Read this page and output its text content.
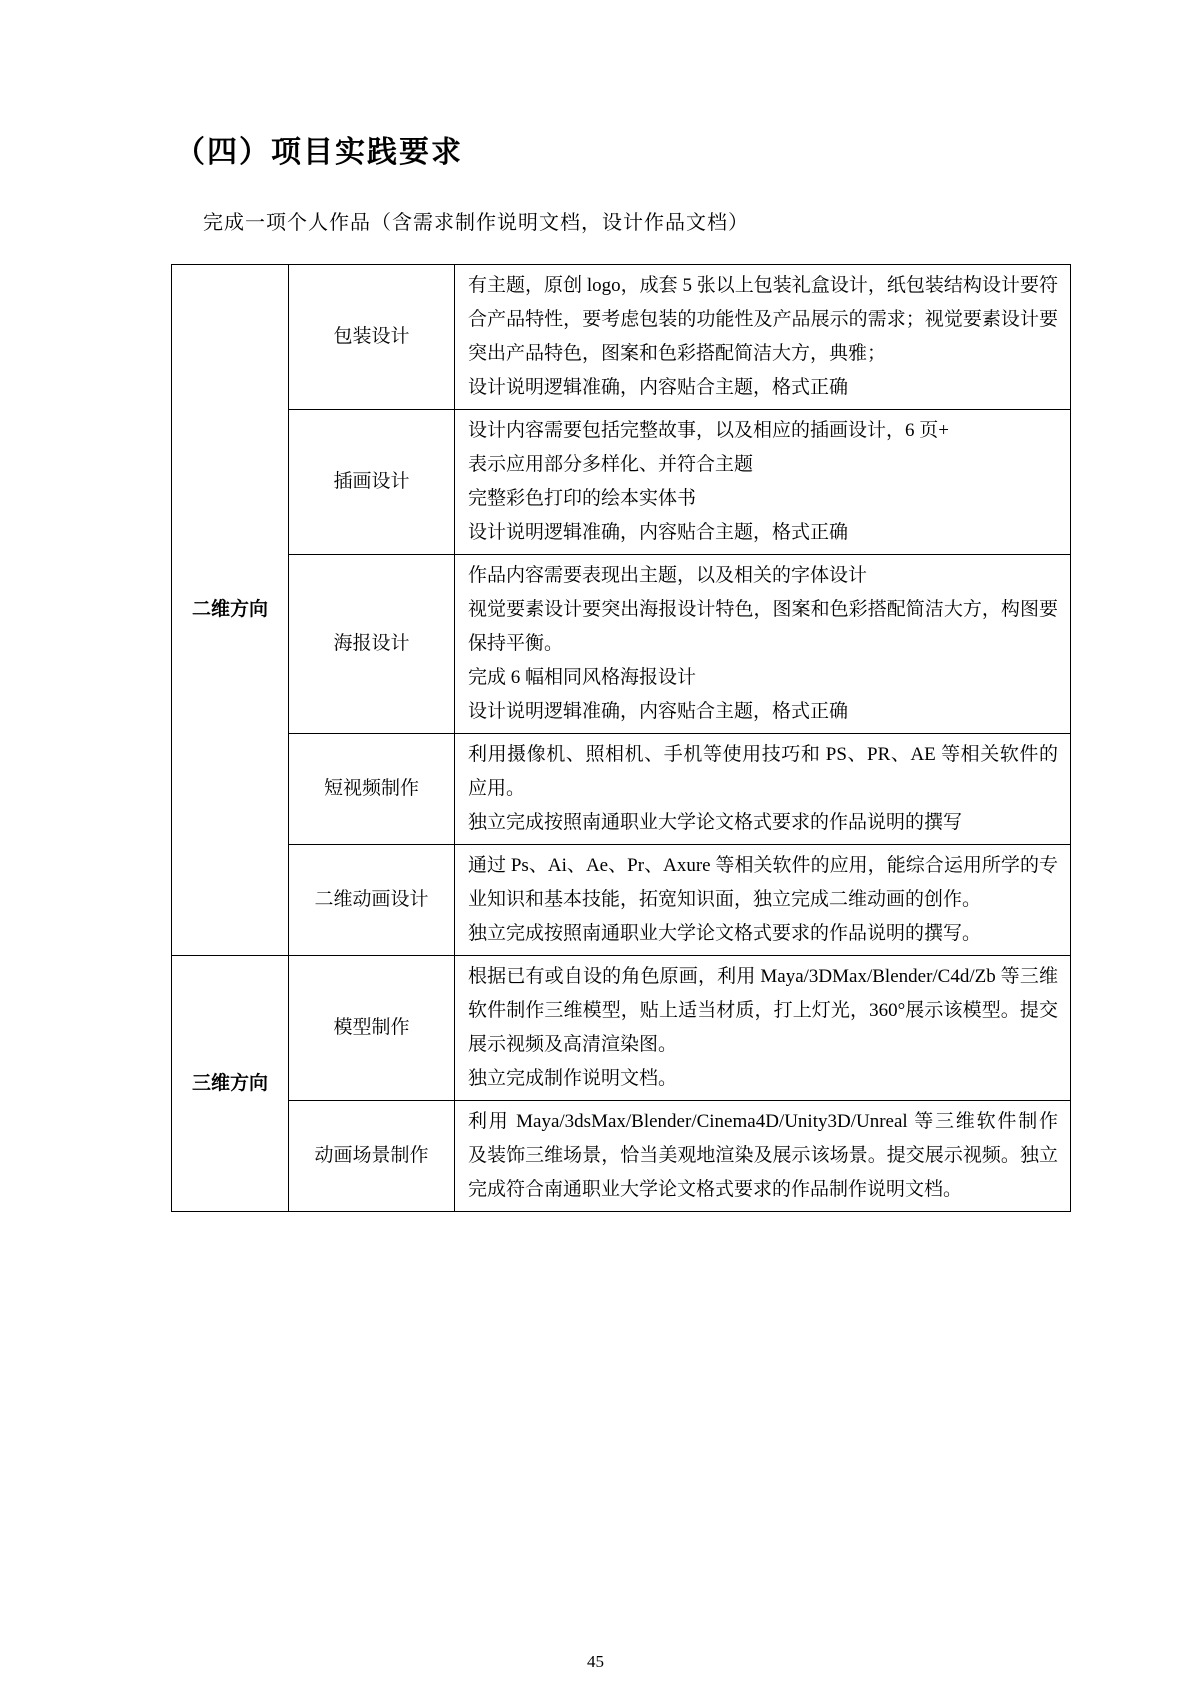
（四）项目实践要求

完成一项个人作品（含需求制作说明文档，设计作品文档）

二维方向	包装设计	有主题，原创 logo，成套 5 张以上包装礼盒设计，纸包装结构设计要符合产品特性，要考虑包装的功能性及产品展示的需求；视觉要素设计要突出产品特色，图案和色彩搭配简洁大方，典雅；
设计说明逻辑准确，内容贴合主题，格式正确

	插画设计	设计内容需要包括完整故事，以及相应的插画设计，6 页+
表示应用部分多样化、并符合主题
完整彩色打印的绘本实体书
设计说明逻辑准确，内容贴合主题，格式正确

	海报设计	作品内容需要表现出主题，以及相关的字体设计
视觉要素设计要突出海报设计特色，图案和色彩搭配简洁大方，构图要保持平衡。
完成 6 幅相同风格海报设计
设计说明逻辑准确，内容贴合主题，格式正确

	短视频制作	利用摄像机、照相机、手机等使用技巧和 PS、PR、AE 等相关软件的应用。
独立完成按照南通职业大学论文格式要求的作品说明的撰写

	二维动画设计	通过 Ps、Ai、Ae、Pr、Axure 等相关软件的应用，能综合运用所学的专业知识和基本技能，拓宽知识面，独立完成二维动画的创作。
独立完成按照南通职业大学论文格式要求的作品说明的撰写。

三维方向	模型制作	根据已有或自设的角色原画，利用 Maya/3DMax/Blender/C4d/Zb 等三维软件制作三维模型，贴上适当材质，打上灯光，360°展示该模型。提交展示视频及高清渲染图。
独立完成制作说明文档。

	动画场景制作	利用 Maya/3dsMax/Blender/Cinema4D/Unity3D/Unreal 等三维软件制作及装饰三维场景，恰当美观地渲染及展示该场景。提交展示视频。独立完成符合南通职业大学论文格式要求的作品制作说明文档。
45
